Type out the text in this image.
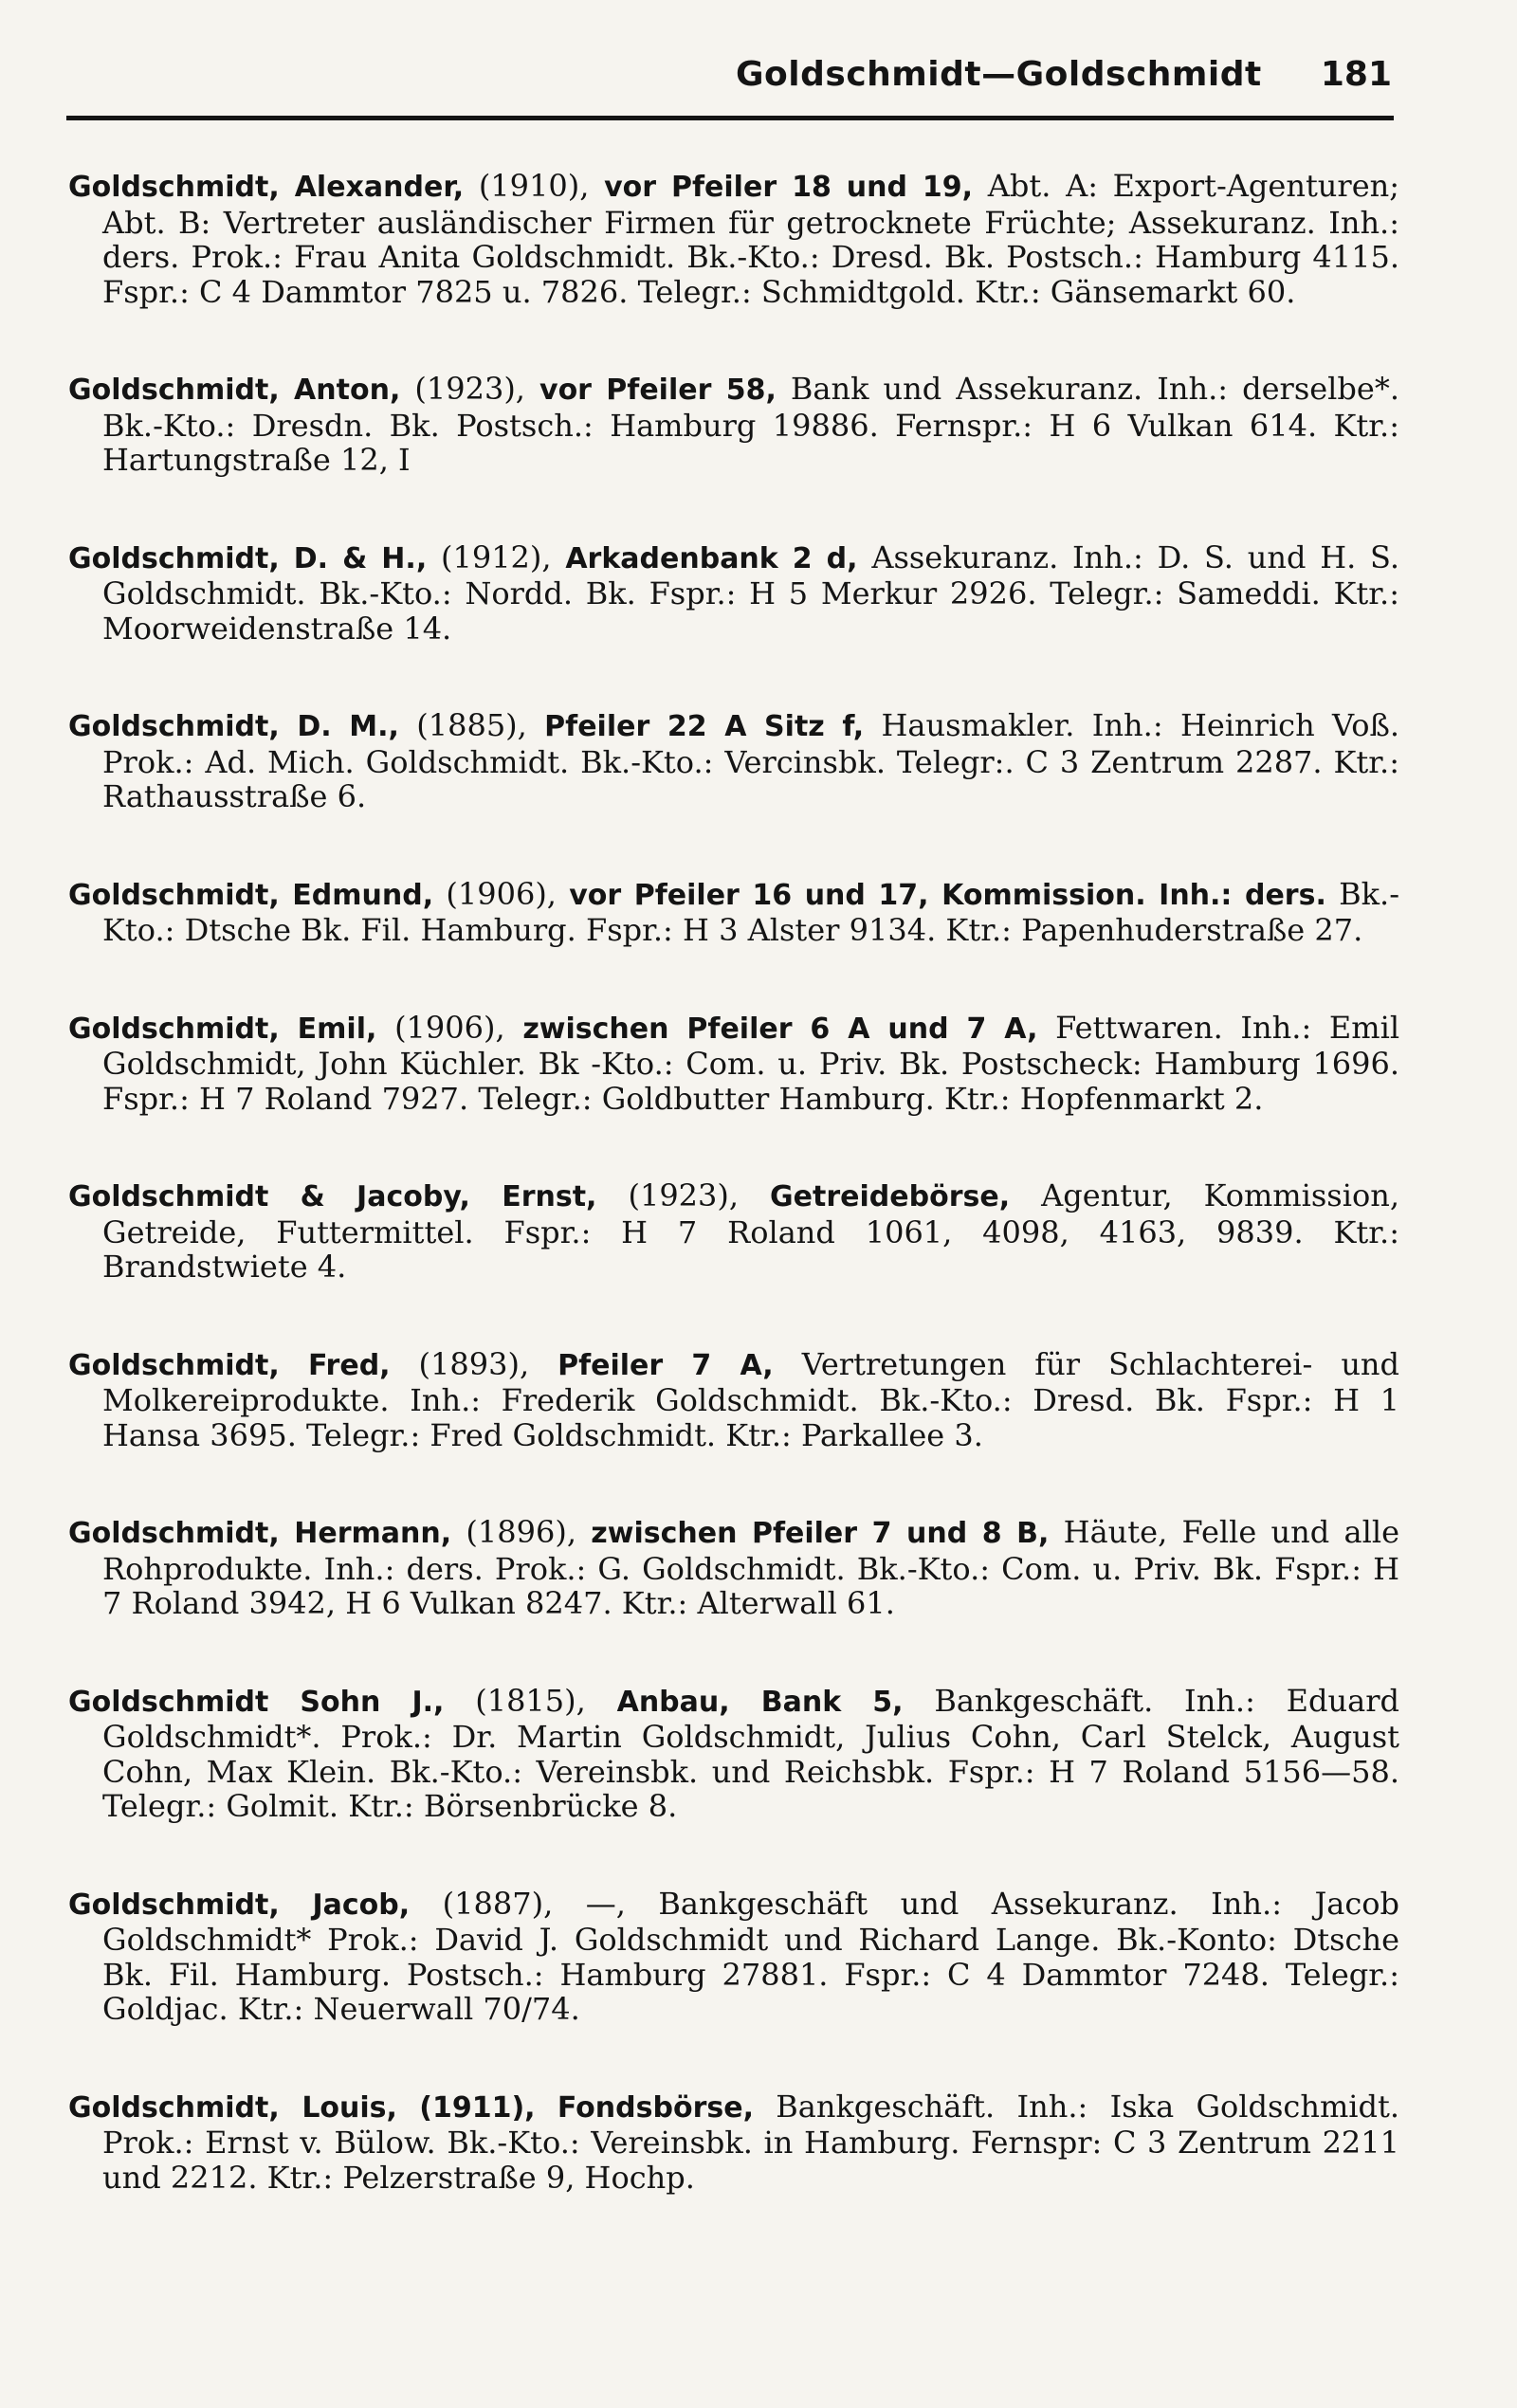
Goldschmidt—Goldschmidt 181

Goldschmidt, Alexander, (1910), vor Pfeiler 18 und 19, Abt. A: Export-Agenturen; Abt. B: Vertreter ausländischer Firmen für getrocknete Früchte; Assekuranz. Inh.: ders. Prok.: Frau Anita Goldschmidt. Bk.-Kto.: Dresd. Bk. Postsch.: Hamburg 4115. Fspr.: C 4 Dammtor 7825 u. 7826. Telegr.: Schmidtgold. Ktr.: Gänsemarkt 60.

Goldschmidt, Anton, (1923), vor Pfeiler 58, Bank und Assekuranz. Inh.: derselbe*. Bk.-Kto.: Dresdn. Bk. Postsch.: Hamburg 19886. Fernspr.: H 6 Vulkan 614. Ktr.: Hartungstraße 12, I

Goldschmidt, D. & H., (1912), Arkadenbank 2 d, Assekuranz. Inh.: D. S. und H. S. Goldschmidt. Bk.-Kto.: Nordd. Bk. Fspr.: H 5 Merkur 2926. Telegr.: Sameddi. Ktr.: Moorweidenstraße 14.

Goldschmidt, D. M., (1885), Pfeiler 22 A Sitz f, Hausmakler. Inh.: Heinrich Voß. Prok.: Ad. Mich. Goldschmidt. Bk.-Kto.: Vercinsbk. Telegr:. C 3 Zentrum 2287. Ktr.: Rathausstraße 6.

Goldschmidt, Edmund, (1906), vor Pfeiler 16 und 17, Kommission. Inh.: ders. Bk.-Kto.: Dtsche Bk. Fil. Hamburg. Fspr.: H 3 Alster 9134. Ktr.: Papenhuderstraße 27.

Goldschmidt, Emil, (1906), zwischen Pfeiler 6 A und 7 A, Fettwaren. Inh.: Emil Goldschmidt, John Küchler. Bk -Kto.: Com. u. Priv. Bk. Postscheck: Hamburg 1696. Fspr.: H 7 Roland 7927. Telegr.: Goldbutter Hamburg. Ktr.: Hopfenmarkt 2.

Goldschmidt & Jacoby, Ernst, (1923), Getreidebörse, Agentur, Kommission, Getreide, Futtermittel. Fspr.: H 7 Roland 1061, 4098, 4163, 9839. Ktr.: Brandstwiete 4.

Goldschmidt, Fred, (1893), Pfeiler 7 A, Vertretungen für Schlachterei- und Molkereiprodukte. Inh.: Frederik Goldschmidt. Bk.-Kto.: Dresd. Bk. Fspr.: H 1 Hansa 3695. Telegr.: Fred Goldschmidt. Ktr.: Parkallee 3.

Goldschmidt, Hermann, (1896), zwischen Pfeiler 7 und 8 B, Häute, Felle und alle Rohprodukte. Inh.: ders. Prok.: G. Goldschmidt. Bk.-Kto.: Com. u. Priv. Bk. Fspr.: H 7 Roland 3942, H 6 Vulkan 8247. Ktr.: Alterwall 61.

Goldschmidt Sohn J., (1815), Anbau, Bank 5, Bankgeschäft. Inh.: Eduard Goldschmidt*. Prok.: Dr. Martin Goldschmidt, Julius Cohn, Carl Stelck, August Cohn, Max Klein. Bk.-Kto.: Vereinsbk. und Reichsbk. Fspr.: H 7 Roland 5156—58. Telegr.: Golmit. Ktr.: Börsenbrücke 8.

Goldschmidt, Jacob, (1887), —, Bankgeschäft und Assekuranz. Inh.: Jacob Goldschmidt* Prok.: David J. Goldschmidt und Richard Lange. Bk.-Konto: Dtsche Bk. Fil. Hamburg. Postsch.: Hamburg 27881. Fspr.: C 4 Dammtor 7248. Telegr.: Goldjac. Ktr.: Neuerwall 70/74.

Goldschmidt, Louis, (1911), Fondsbörse, Bankgeschäft. Inh.: Iska Goldschmidt. Prok.: Ernst v. Bülow. Bk.-Kto.: Vereinsbk. in Hamburg. Fernspr: C 3 Zentrum 2211 und 2212. Ktr.: Pelzerstraße 9, Hochp.
